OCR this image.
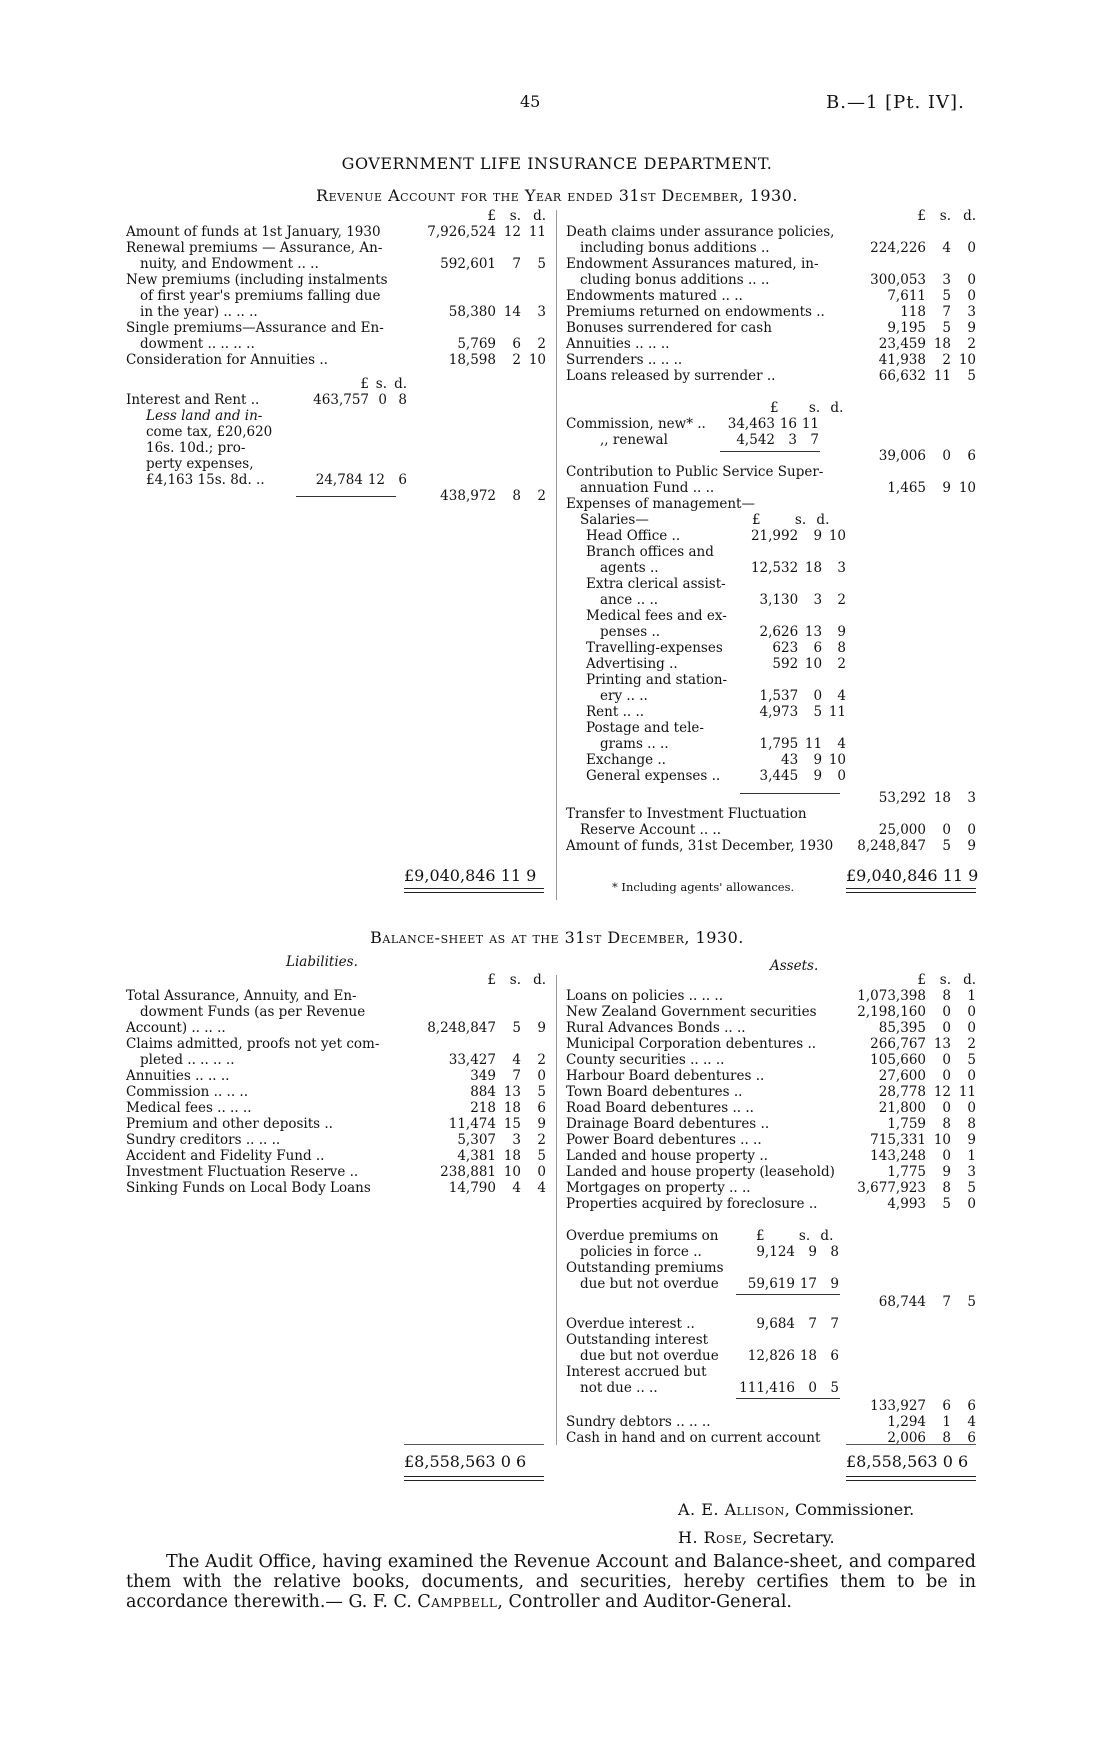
45	B.—1 [Pt. IV].
GOVERNMENT LIFE INSURANCE DEPARTMENT.
Revenue Account for the Year ended 31st December, 1930.
	£	s.	d.
Amount of funds at 1st January, 1930	7,926,524	12	11
Renewal premiums — Assurance, An-			
nuity, and Endowment .. ..	592,601	7	5
New premiums (including instalments			
of first year's premiums falling due			
in the year) .. .. ..	58,380	14	3
Single premiums—Assurance and En-			
dowment .. .. .. ..	5,769	6	2
Consideration for Annuities ..	18,598	2	10
	£	s.	d.	
Interest and Rent ..	463,757	0	8	
Less land and in-
come tax, £20,620
16s. 10d.; pro-
perty expenses,
£4,163 15s. 8d. ..	24,784 12 6
438,972	8	2
	£	s.	d.
Death claims under assurance policies,			
including bonus additions ..	224,226	4	0
Endowment Assurances matured, in-			
cluding bonus additions .. ..	300,053	3	0
Endowments matured .. ..	7,611	5	0
Premiums returned on endowments ..	118	7	3
Bonuses surrendered for cash	9,195	5	9
Annuities .. .. ..	23,459	18	2
Surrenders .. .. ..	41,938	2	10
Loans released by surrender ..	66,632	11	5
£ s. d.
Commission, new* ..	34,463 16 11
,, renewal	4,542 3 7
39,006	0	6
Contribution to Public Service Super-
annuation Fund .. ..	1,465	9 10
Expenses of management—
Salaries—	£	s. d.
Head Office ..	21,992	9	10
Branch offices and			
agents ..	12,532	18	3
Extra clerical assist-			
ance .. ..	3,130	3	2
Medical fees and ex-			
penses ..	2,626	13	9
Travelling-expenses	623	6	8
Advertising ..	592	10	2
Printing and station-			
ery .. ..	1,537	0	4
Rent .. ..	4,973	5	11
Postage and tele-			
grams .. ..	1,795	11	4
Exchange ..	43	9	10
General expenses ..	3,445	9	0
53,292 18	3
Transfer to Investment Fluctuation
Reserve Account .. ..	25,000	0	0
Amount of funds, 31st December, 1930	8,248,847	5	9
£9,040,846 11 9	£9,040,846 11 9
* Including agents' allowances.
Balance-sheet as at the 31st December, 1930.
Liabilities.	Assets.
	£	s.	d.
Total Assurance, Annuity, and En-			
dowment Funds (as per Revenue			
Account) .. .. ..	8,248,847	5	9
Claims admitted, proofs not yet com-			
pleted .. .. .. ..	33,427	4	2
Annuities .. .. ..	349	7	0
Commission .. .. ..	884	13	5
Medical fees .. .. ..	218	18	6
Premium and other deposits ..	11,474	15	9
Sundry creditors .. .. ..	5,307	3	2
Accident and Fidelity Fund ..	4,381	18	5
Investment Fluctuation Reserve ..	238,881	10	0
Sinking Funds on Local Body Loans	14,790	4	4
	£	s.	d.
Loans on policies .. .. ..	1,073,398	8	1
New Zealand Government securities	2,198,160	0	0
Rural Advances Bonds .. ..	85,395	0	0
Municipal Corporation debentures ..	266,767	13	2
County securities .. .. ..	105,660	0	5
Harbour Board debentures ..	27,600	0	0
Town Board debentures ..	28,778	12	11
Road Board debentures .. ..	21,800	0	0
Drainage Board debentures ..	1,759	8	8
Power Board debentures .. ..	715,331	10	9
Landed and house property ..	143,248	0	1
Landed and house property (leasehold)	1,775	9	3
Mortgages on property .. ..	3,677,923	8	5
Properties acquired by foreclosure ..	4,993	5	0
Overdue premiums on	£	s. d.
policies in force ..	9,124 9 8
Outstanding premiums
due but not overdue	59,619 17 9
68,744	7	5
Overdue interest ..	9,684 7 7
Outstanding interest
due but not overdue	12,826 18 6
Interest accrued but
not due .. ..	111,416 0 5
133,927	6	6
Sundry debtors .. .. ..	1,294	1	4
Cash in hand and on current account	2,006	8	6
£8,558,563 0 6	£8,558,563 0 6
A. E. Allison, Commissioner.
H. Rose, Secretary.
The Audit Office, having examined the Revenue Account and Balance-sheet, and compared them with the relative books, documents, and securities, hereby certifies them to be in accordance therewith.— G. F. C. Campbell, Controller and Auditor-General.
